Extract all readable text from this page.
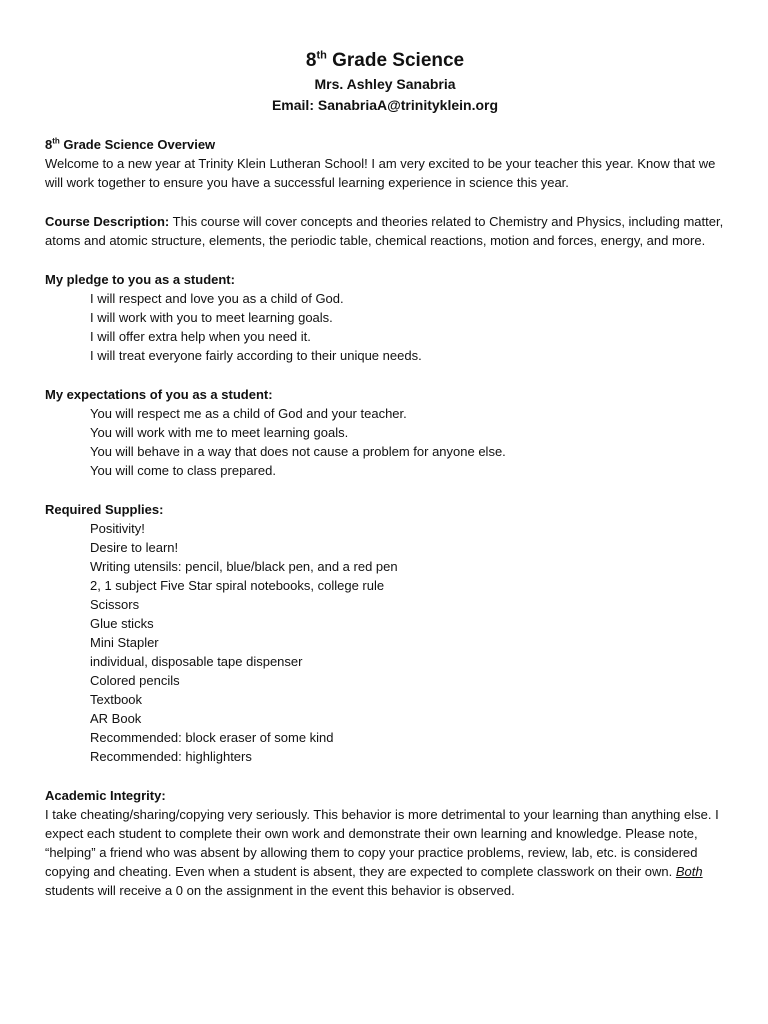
8th Grade Science
Mrs. Ashley Sanabria
Email: SanabriaA@trinityklein.org
8th Grade Science Overview
Welcome to a new year at Trinity Klein Lutheran School! I am very excited to be your teacher this year. Know that we will work together to ensure you have a successful learning experience in science this year.
Course Description: This course will cover concepts and theories related to Chemistry and Physics, including matter, atoms and atomic structure, elements, the periodic table, chemical reactions, motion and forces, energy, and more.
My pledge to you as a student:
I will respect and love you as a child of God.
I will work with you to meet learning goals.
I will offer extra help when you need it.
I will treat everyone fairly according to their unique needs.
My expectations of you as a student:
You will respect me as a child of God and your teacher.
You will work with me to meet learning goals.
You will behave in a way that does not cause a problem for anyone else.
You will come to class prepared.
Required Supplies:
Positivity!
Desire to learn!
Writing utensils: pencil, blue/black pen, and a red pen
2, 1 subject Five Star spiral notebooks, college rule
Scissors
Glue sticks
Mini Stapler
individual, disposable tape dispenser
Colored pencils
Textbook
AR Book
Recommended: block eraser of some kind
Recommended: highlighters
Academic Integrity:
I take cheating/sharing/copying very seriously. This behavior is more detrimental to your learning than anything else. I expect each student to complete their own work and demonstrate their own learning and knowledge. Please note, “helping” a friend who was absent by allowing them to copy your practice problems, review, lab, etc. is considered copying and cheating. Even when a student is absent, they are expected to complete classwork on their own. Both students will receive a 0 on the assignment in the event this behavior is observed.
